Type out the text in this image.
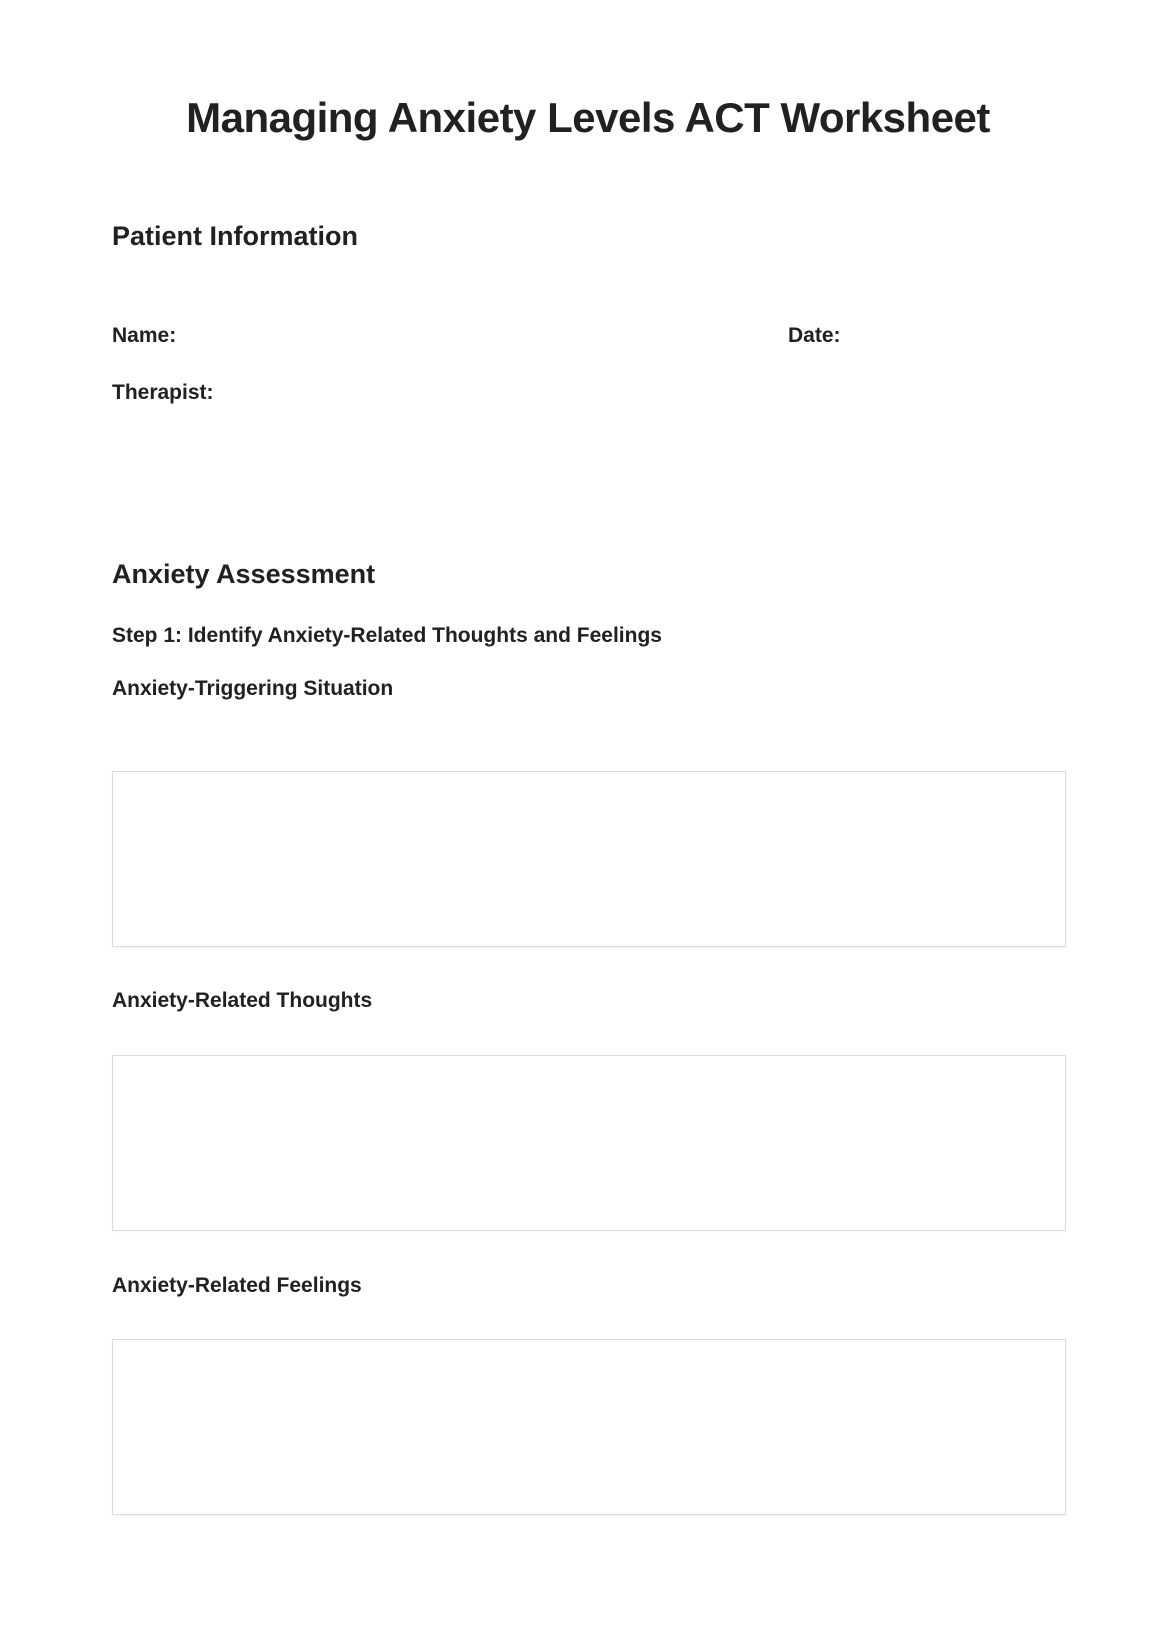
Managing Anxiety Levels ACT Worksheet
Patient Information
Name:	Date:
Therapist:
Anxiety Assessment
Step 1: Identify Anxiety-Related Thoughts and Feelings
Anxiety-Triggering Situation
Anxiety-Related Thoughts
Anxiety-Related Feelings
